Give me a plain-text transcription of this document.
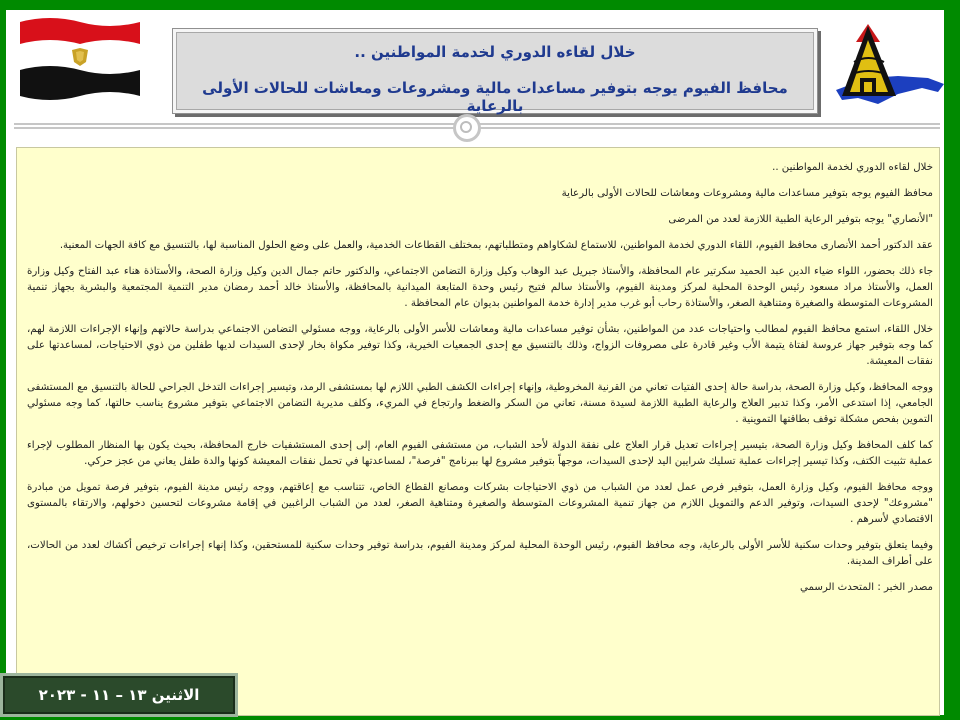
خلال لقاءه الدوري لخدمة المواطنين ..
محافظ الفيوم يوجه بتوفير مساعدات مالية ومشروعات ومعاشات للحالات الأولى بالرعاية

خلال لقاءه الدوري لخدمة المواطنين ..

محافظ الفيوم يوجه بتوفير مساعدات مالية ومشروعات ومعاشات للحالات الأولى بالرعاية

"الأنصاري" يوجه بتوفير الرعاية الطبية اللازمة لعدد من المرضى

عقد الدكتور أحمد الأنصارى محافظ الفيوم، اللقاء الدوري لخدمة المواطنين، للاستماع لشكاواهم ومتطلباتهم، بمختلف القطاعات الخدمية، والعمل على وضع الحلول المناسبة لها، بالتنسيق مع كافة الجهات المعنية.

جاء ذلك بحضور، اللواء ضياء الدين عبد الحميد سكرتير عام المحافظة، والأستاذ جبريل عبد الوهاب وكيل وزارة التضامن الاجتماعي، والدكتور حاتم جمال الدين وكيل وزارة الصحة، والأستاذة هناء عبد الفتاح وكيل وزارة العمل، والأستاذ مراد مسعود رئيس الوحدة المحلية لمركز ومدينة الفيوم، والأستاذ سالم فتيح رئيس وحدة المتابعة الميدانية بالمحافظة، والأستاذ خالد أحمد رمضان مدير التنمية المجتمعية والبشرية بجهاز تنمية المشروعات المتوسطة والصغيرة ومتناهية الصغر، والأستاذة رحاب أبو غرب مدير إدارة خدمة المواطنين بديوان عام المحافظة .

خلال اللقاء، استمع محافظ الفيوم لمطالب واحتياجات عدد من المواطنين، بشأن توفير مساعدات مالية ومعاشات للأسر الأولى بالرعاية، ووجه مسئولي التضامن الاجتماعي بدراسة حالاتهم وإنهاء الإجراءات اللازمة لهم، كما وجه بتوفير جهاز عروسة لفتاة يتيمة الأب وغير قادرة على مصروفات الزواج، وذلك بالتنسيق مع إحدى الجمعيات الخيرية، وكذا توفير مكواة بخار لإحدى السيدات لديها طفلين من ذوي الاحتياجات، لمساعدتها على نفقات المعيشة.

ووجه المحافظ، وكيل وزارة الصحة، بدراسة حالة إحدى الفتيات تعاني من القرنية المخروطية، وإنهاء إجراءات الكشف الطبي اللازم لها بمستشفى الرمد، وتيسير إجراءات التدخل الجراحي للحالة بالتنسيق مع المستشفى الجامعي، إذا استدعى الأمر، وكذا تدبير العلاج والرعاية الطبية اللازمة لسيدة مسنة، تعاني من السكر والضغط وارتجاع في المريء، وكلف مديرية التضامن الاجتماعي بتوفير مشروع يناسب حالتها، كما وجه مسئولي التموين بفحص مشكلة توقف بطاقتها التموينية .

كما كلف المحافظ وكيل وزارة الصحة، بتيسير إجراءات تعديل قرار العلاج على نفقة الدولة لأحد الشباب، من مستشفى الفيوم العام، إلى إحدى المستشفيات خارج المحافظة، بحيث يكون بها المنظار المطلوب لإجراء عملية تثبيت الكتف، وكذا تيسير إجراءات عملية تسليك شرايين اليد لإحدى السيدات، موجهاً بتوفير مشروع لها ببرنامج "فرصة"، لمساعدتها في تحمل نفقات المعيشة كونها والدة طفل يعاني من عجز حركي.

ووجه محافظ الفيوم، وكيل وزارة العمل، بتوفير فرص عمل لعدد من الشباب من ذوي الاحتياجات بشركات ومصانع القطاع الخاص، تتناسب مع إعاقتهم، ووجه رئيس مدينة الفيوم، بتوفير فرصة تمويل من مبادرة "مشروعك" لإحدى السيدات، وتوفير الدعم والتمويل اللازم من جهاز تنمية المشروعات المتوسطة والصغيرة ومتناهية الصغر، لعدد من الشباب الراغبين في إقامة مشروعات لتحسين دخولهم، والارتقاء بالمستوى الاقتصادي لأسرهم .

وفيما يتعلق بتوفير وحدات سكنية للأسر الأولى بالرعاية، وجه محافظ الفيوم، رئيس الوحدة المحلية لمركز ومدينة الفيوم، بدراسة توفير وحدات سكنية للمستحقين، وكذا إنهاء إجراءات ترخيص أكشاك لعدد من الحالات، على أطراف المدينة.

مصدر الخبر : المتحدث الرسمي

الاثنين ١٣ – ١١ - ٢٠٢٣
